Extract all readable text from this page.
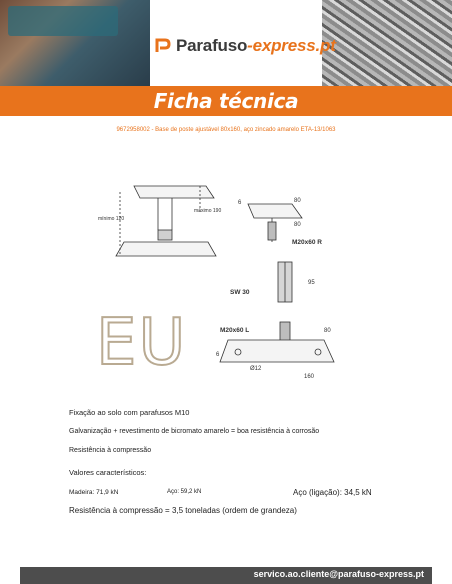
Parafuso-express.pt
Ficha técnica
9672958002 - Base de poste ajustável 80x160, aço zincado amarelo ETA-13/1063
mínimo 120
máximo 190
6	80
80
M20x60 R
95
SW 30
M20x60 L	80
6
Ø12
160
EU
Fixação ao solo com parafusos M10
Galvanização + revestimento de bicromato amarelo = boa resistência à corrosão
Resistência à compressão
Valores característicos:
Madeira: 71,9 kN	Aço: 59,2 kN	Aço (ligação): 34,5 kN
Resistência à compressão = 3,5 toneladas (ordem de grandeza)
servico.ao.cliente@parafuso-express.pt
